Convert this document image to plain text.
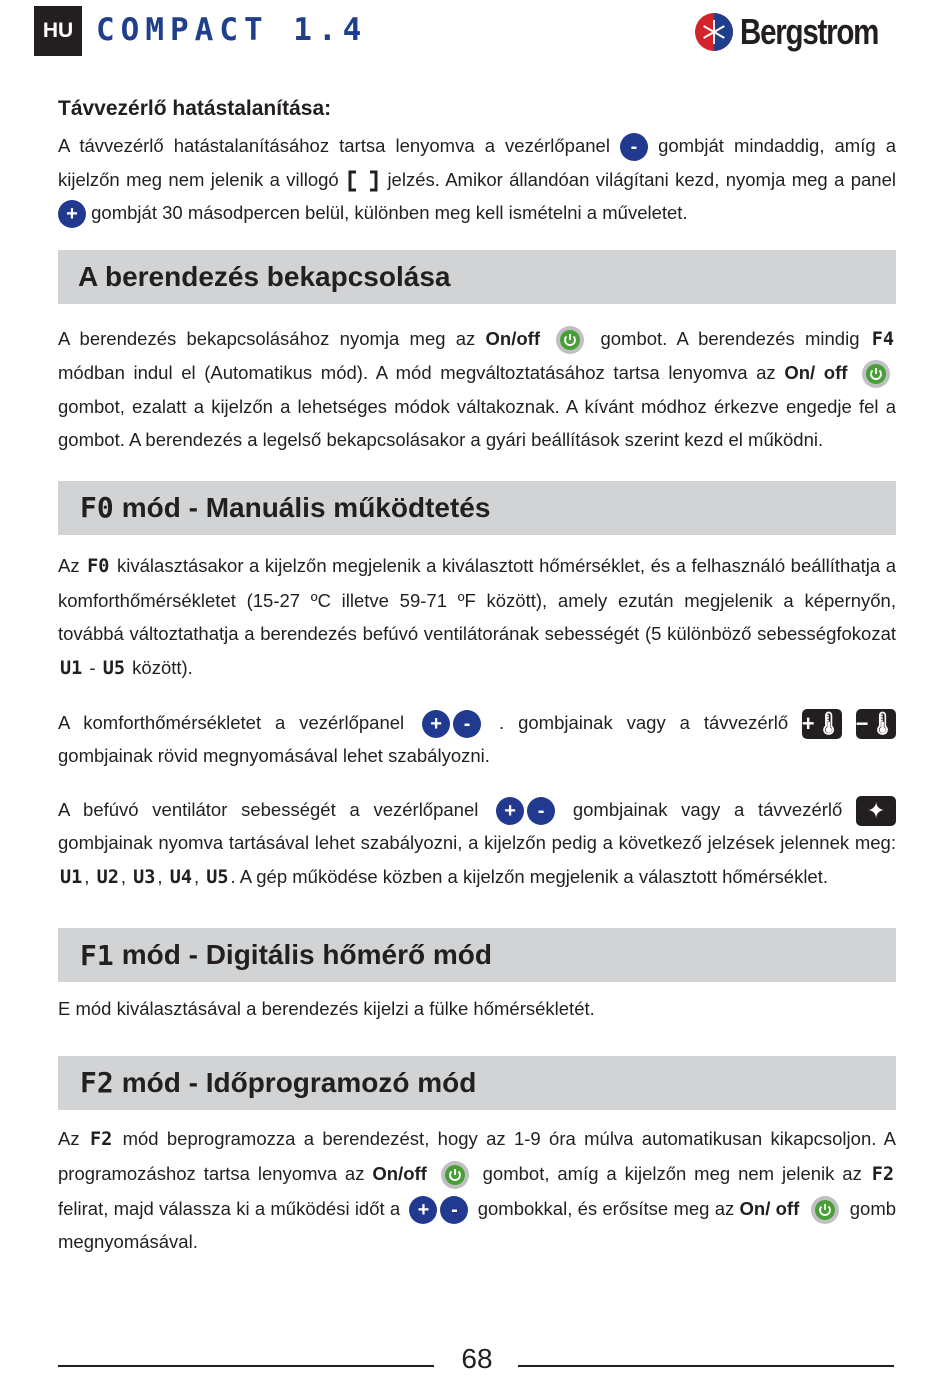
HU COMPACT 1.4	Bergstrom
Távvezérlő hatástalanítása:

A távvezérlő hatástalanításához tartsa lenyomva a vezérlőpanel - gombját mindaddig, amíg a kijelzőn meg nem jelenik a villogó	jelzés. Amikor állandóan világítani kezd, nyomja meg a panel + gombját 30 másodpercen belül, különben meg kell ismételni a műveletet.

A berendezés bekapcsolása

A berendezés bekapcsolásához nyomja meg az On/off	gombot. A berendezés mindig F4 módban indul el (Automatikus mód). A mód megváltoztatásához tartsa lenyomva az On/ off
gombot, ezalatt a kijelzőn a lehetséges módok váltakoznak. A kívánt módhoz érkezve engedje fel a gombot. A berendezés a legelső bekapcsolásakor a gyári beállítások szerint kezd el működni.

F0 mód - Manuális működtetés

Az F0 kiválasztásakor a kijelzőn megjelenik a kiválasztott hőmérséklet, és a felhasználó beállíthatja a komforthőmérsékletet (15-27 ºC illetve 59-71 ºF között), amely ezután megjelenik a képernyőn, továbbá változtathatja a berendezés befúvó ventilátorának sebességét (5 különböző sebességfokozat U1 - U5 között).

A komforthőmérsékletet a vezérlőpanel	+	-	. gombjainak vagy a távvezérlő +🌡 −🌡 gombjainak rövid megnyomásával lehet szabályozni.

A befúvó ventilátor sebességét a vezérlőpanel	+	-	gombjainak vagy a távvezérlő ✦ gombjainak nyomva tartásával lehet szabályozni, a kijelzőn pedig a következő jelzések jelennek meg: U1 , U2 , U3 , U4 , U5 . A gép működése közben a kijelzőn megjelenik a választott hőmérséklet.

F1 mód - Digitális hőmérő mód

E mód kiválasztásával a berendezés kijelzi a fülke hőmérsékletét.

F2 mód - Időprogramozó mód

Az F2 mód beprogramozza a berendezést, hogy az 1-9 óra múlva automatikusan kikapcsoljon. A programozáshoz tartsa lenyomva az On/off	gombot, amíg a kijelzőn meg nem jelenik az F2 felirat, majd válassza ki a működési időt a +	-	gombokkal, és erősítse meg az On/ off	gomb megnyomásával.

68
